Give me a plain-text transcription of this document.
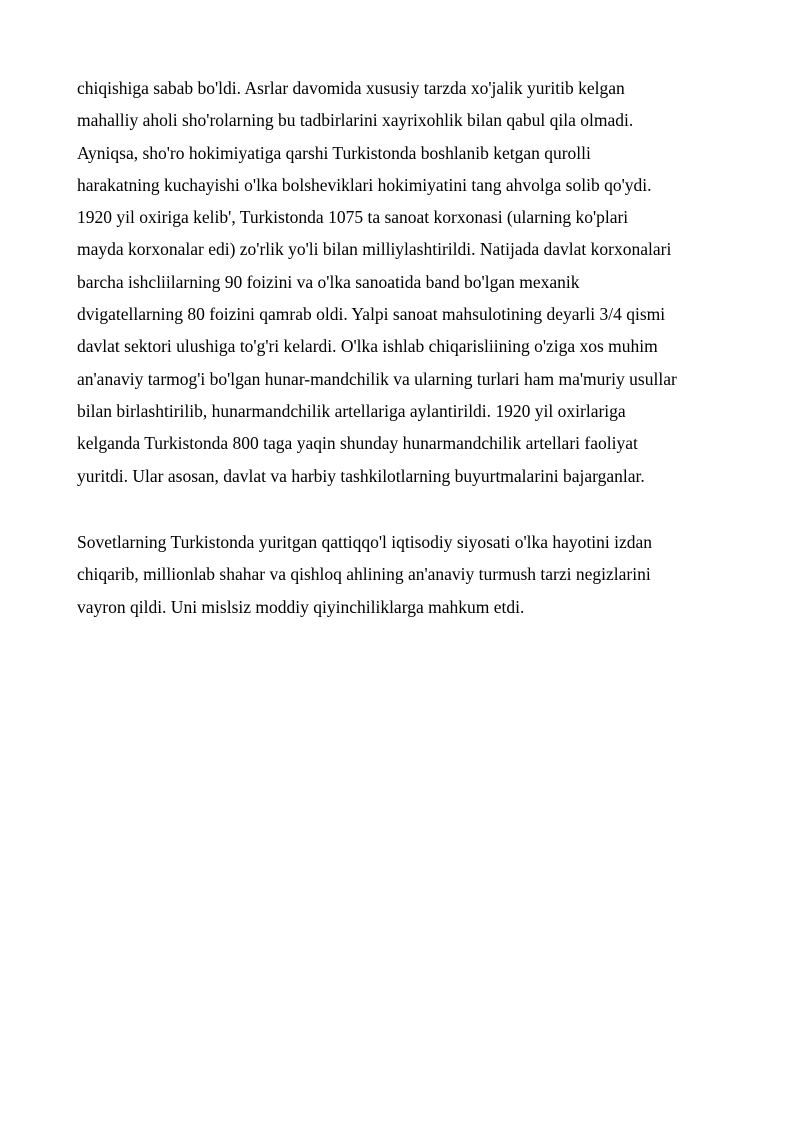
chiqishiga sabab bo'ldi. Asrlar davomida xususiy tarzda xo'jalik yuritib kelgan
mahalliy aholi sho'rolarning bu tadbirlarini xayrixohlik bilan qabul qila olmadi.
Ayniqsa, sho'ro hokimiyatiga qarshi Turkistonda boshlanib ketgan qurolli
harakatning kuchayishi o'lka bolsheviklari hokimiyatini tang ahvolga solib qo'ydi.
1920 yil oxiriga kelib', Turkistonda 1075 ta sanoat korxonasi (ularning ko'plari
mayda korxonalar edi) zo'rlik yo'li bilan milliylashtirildi. Natijada davlat korxonalari
barcha ishcliilarning 90 foizini va o'lka sanoatida band bo'lgan mexanik
dvigatellarning 80 foizini qamrab oldi. Yalpi sanoat mahsulotining deyarli 3/4 qismi
davlat sektori ulushiga to'g'ri kelardi. O'lka ishlab chiqarisliining o'ziga xos muhim
an'anaviy tarmog'i bo'lgan hunar-mandchilik va ularning turlari ham ma'muriy usullar
bilan birlashtirilib, hunarmandchilik artellariga aylantirildi. 1920 yil oxirlariga
kelganda Turkistonda 800 taga yaqin shunday hunarmandchilik artellari faoliyat
yuritdi. Ular asosan, davlat va harbiy tashkilotlarning buyurtmalarini bajarganlar.
Sovetlarning Turkistonda yuritgan qattiqqo'l iqtisodiy siyosati o'lka hayotini izdan
chiqarib, millionlab shahar va qishloq ahlining an'anaviy turmush tarzi negizlarini
vayron qildi. Uni mislsiz moddiy qiyinchiliklarga mahkum etdi.
